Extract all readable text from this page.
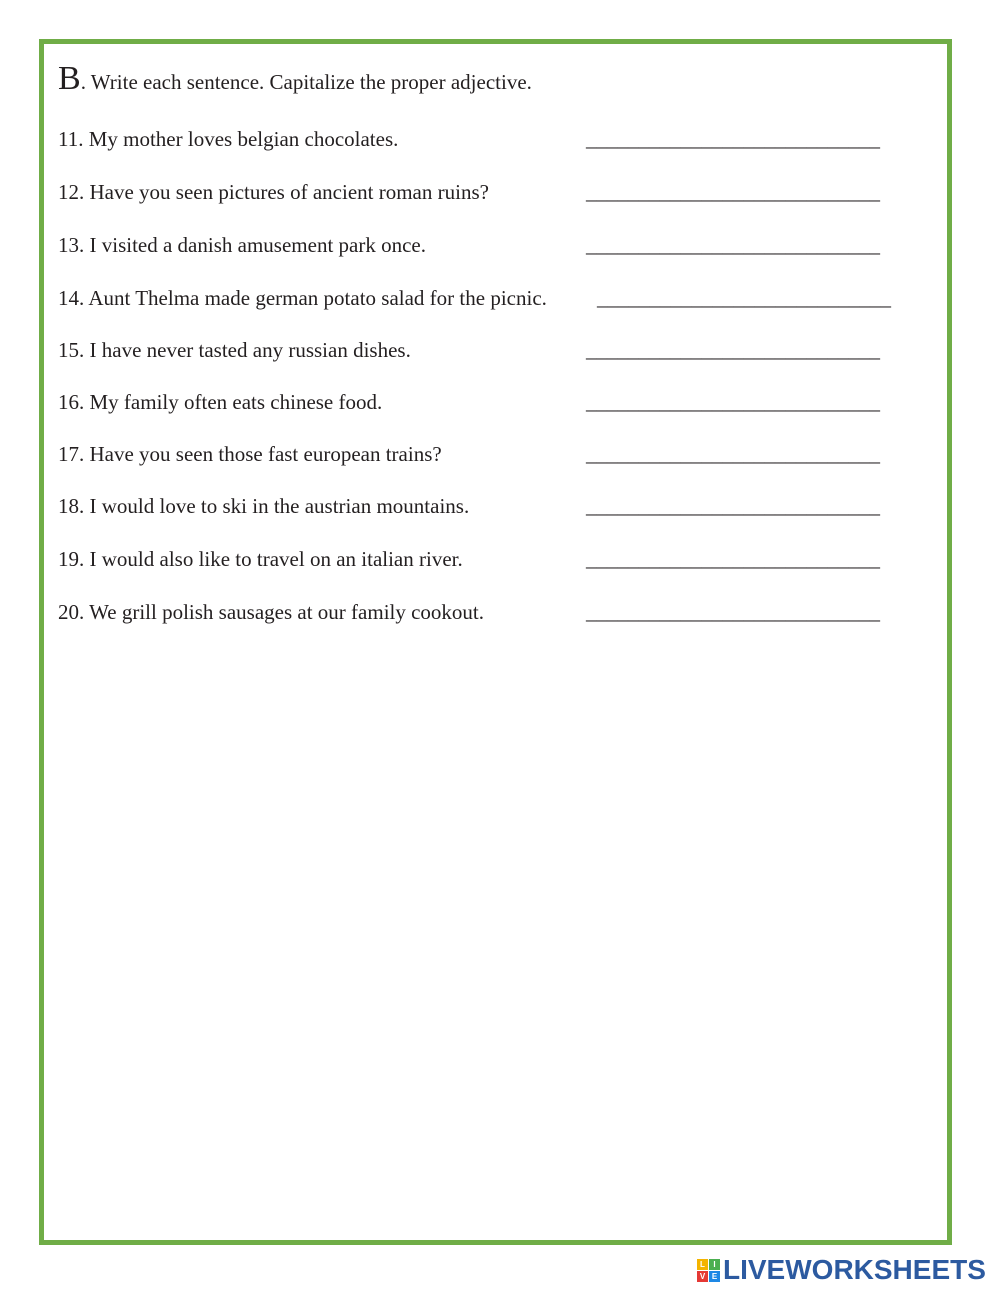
B. Write each sentence. Capitalize the proper adjective.
11. My mother loves belgian chocolates.	____________________________
12. Have you seen pictures of ancient roman ruins?	____________________________
13. I visited a danish amusement park once.	____________________________
14. Aunt Thelma made german potato salad for the picnic. ____________________________
15. I have never tasted any russian dishes.	____________________________
16. My family often eats chinese food.	____________________________
17. Have you seen those fast european trains?	____________________________
18. I would love to ski in the austrian mountains.	____________________________
19. I would also like to travel on an italian river.	____________________________
20. We grill polish sausages at our family cookout.	____________________________
L	I
V E LIVEWORKSHEETS
